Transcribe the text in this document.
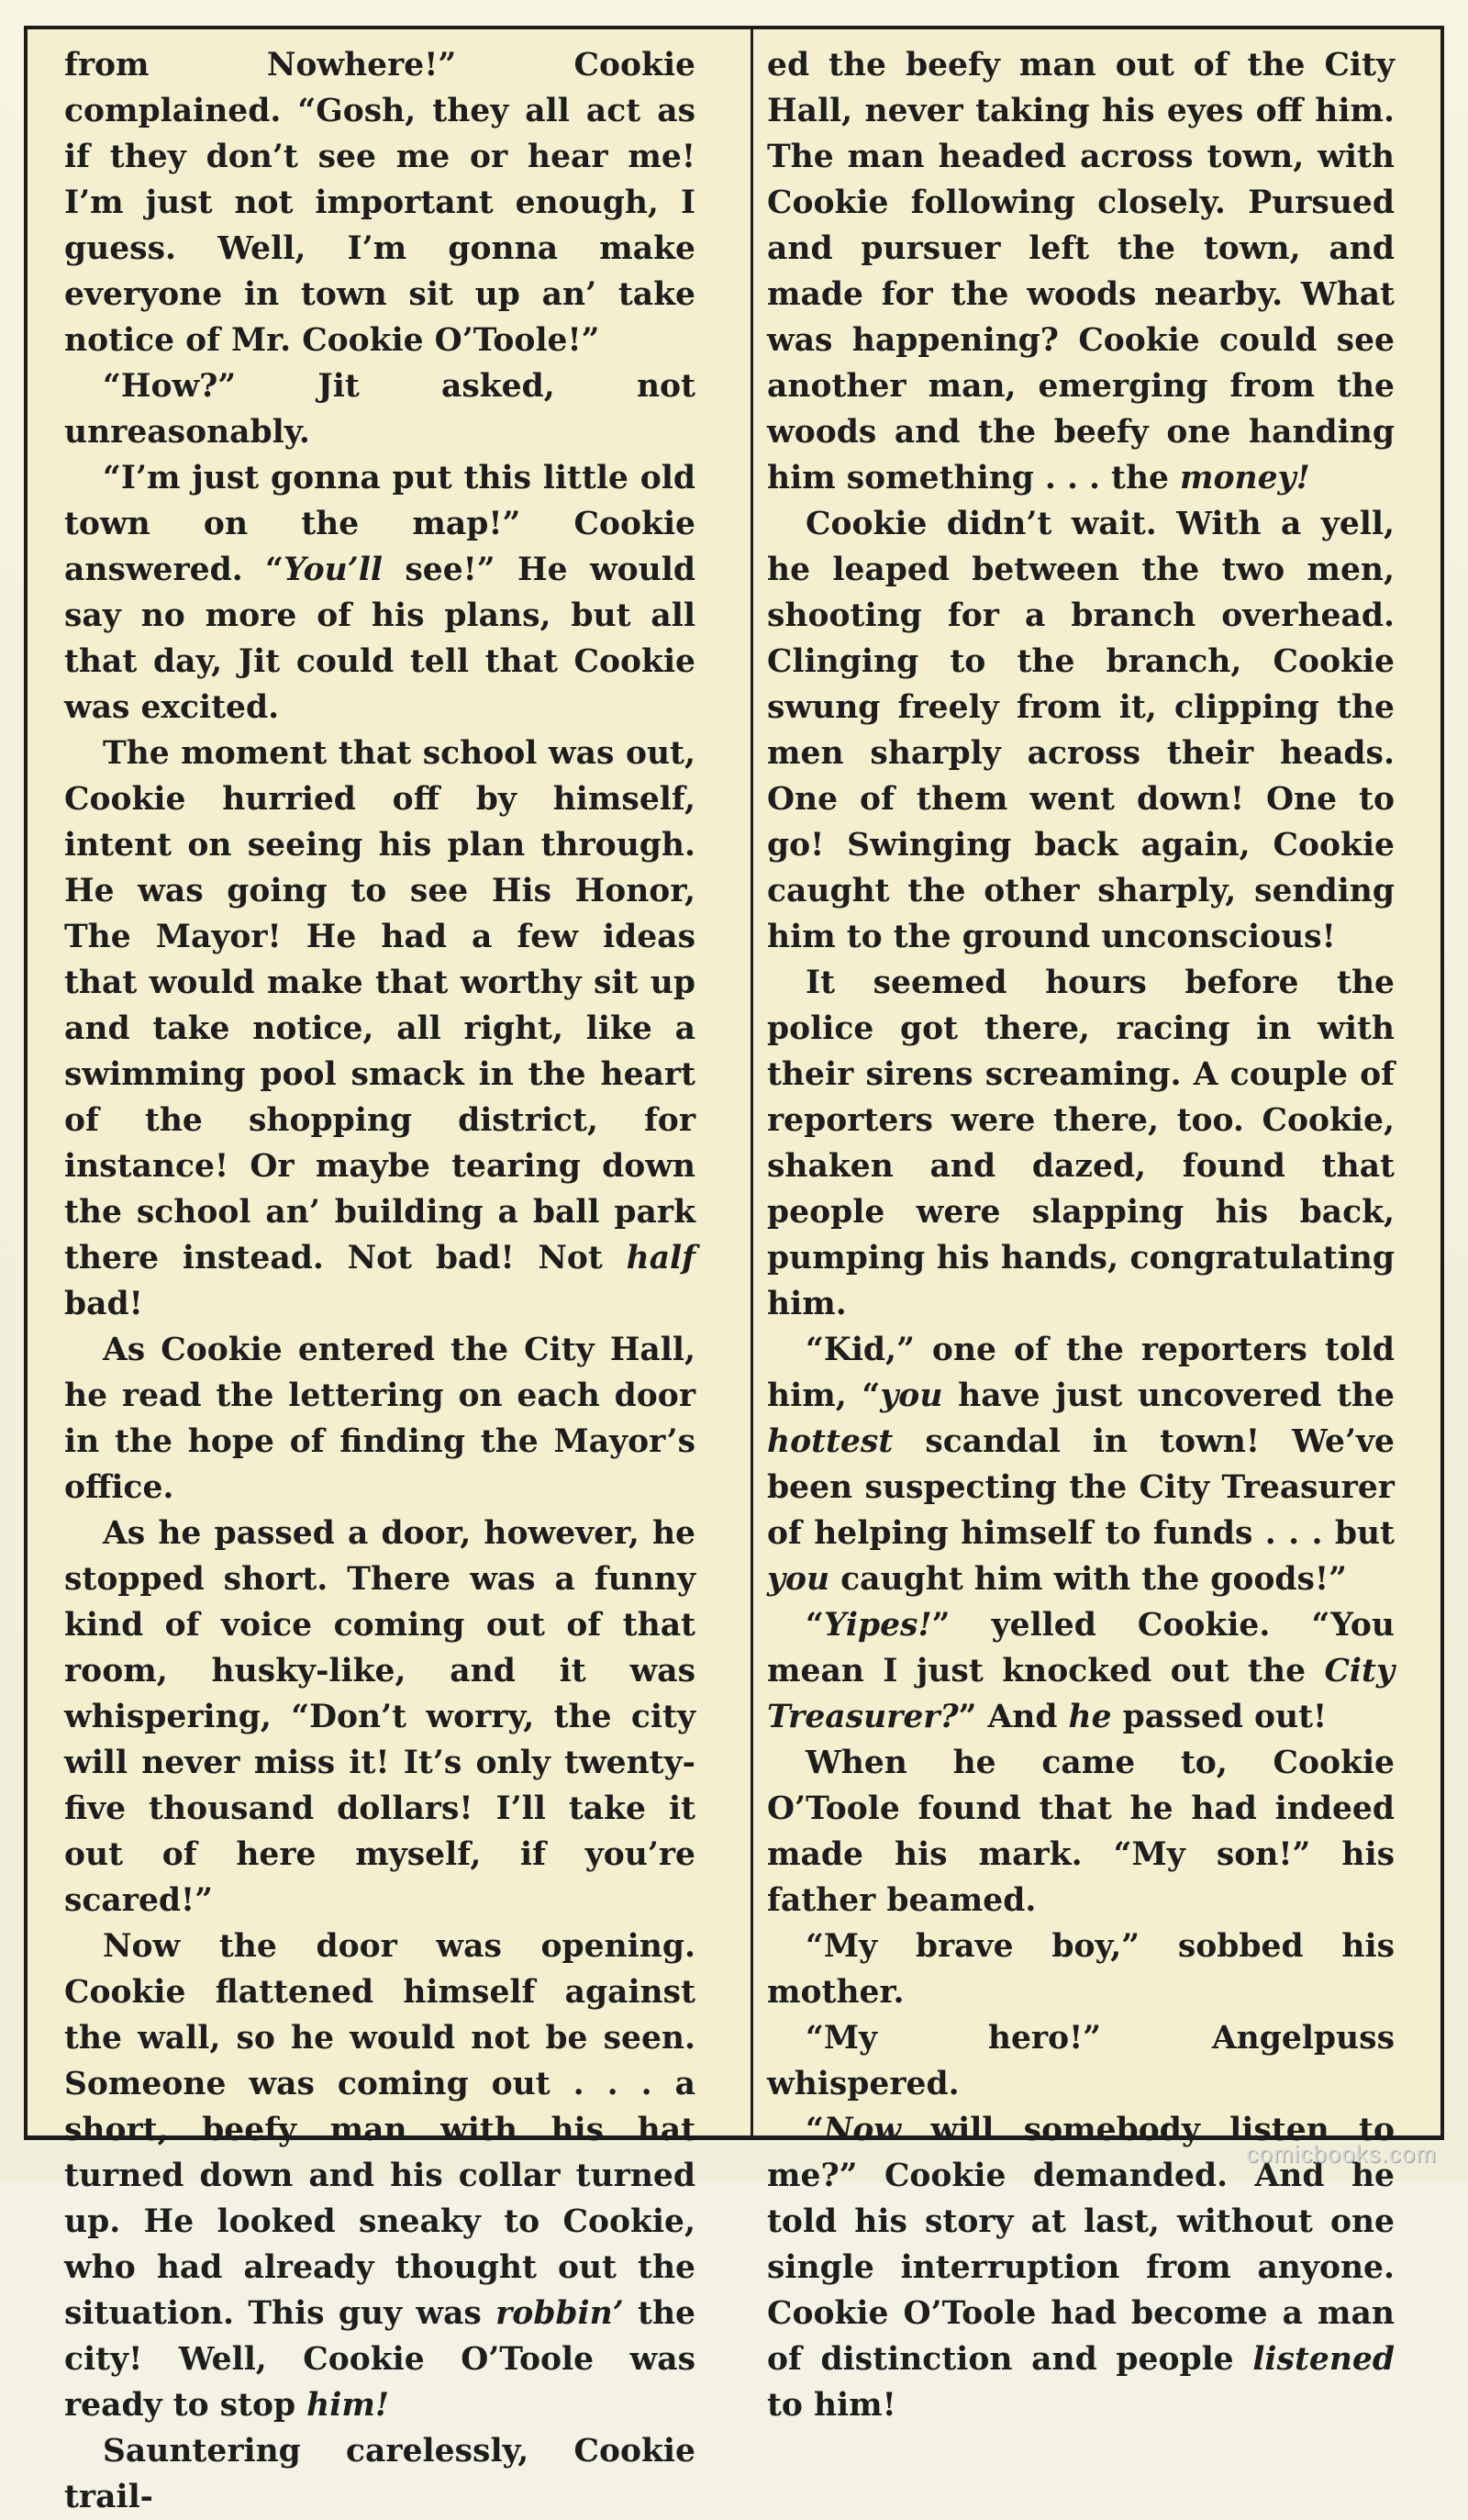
from Nowhere!” Cookie complained. “Gosh, they all act as if they don’t see me or hear me! I’m just not important enough, I guess. Well, I’m gonna make everyone in town sit up an’ take notice of Mr. Cookie O’Toole!”

“How?” Jit asked, not unreasonably.

“I’m just gonna put this little old town on the map!” Cookie answered. “You’ll see!” He would say no more of his plans, but all that day, Jit could tell that Cookie was excited.

The moment that school was out, Cookie hurried off by himself, intent on seeing his plan through. He was going to see His Honor, The Mayor! He had a few ideas that would make that worthy sit up and take notice, all right, like a swimming pool smack in the heart of the shopping district, for instance! Or maybe tearing down the school an’ building a ball park there instead. Not bad! Not half bad!

As Cookie entered the City Hall, he read the lettering on each door in the hope of finding the Mayor’s office.

As he passed a door, however, he stopped short. There was a funny kind of voice coming out of that room, husky-like, and it was whispering, “Don’t worry, the city will never miss it! It’s only twenty-five thousand dollars! I’ll take it out of here myself, if you’re scared!”

Now the door was opening. Cookie flattened himself against the wall, so he would not be seen. Someone was coming out . . . a short, beefy man with his hat turned down and his collar turned up. He looked sneaky to Cookie, who had already thought out the situation. This guy was robbin’ the city! Well, Cookie O’Toole was ready to stop him!

Sauntering carelessly, Cookie trail-

ed the beefy man out of the City Hall, never taking his eyes off him. The man headed across town, with Cookie following closely. Pursued and pursuer left the town, and made for the woods nearby. What was happening? Cookie could see another man, emerging from the woods and the beefy one handing him something . . . the money!

Cookie didn’t wait. With a yell, he leaped between the two men, shooting for a branch overhead. Clinging to the branch, Cookie swung freely from it, clipping the men sharply across their heads. One of them went down! One to go! Swinging back again, Cookie caught the other sharply, sending him to the ground unconscious!

It seemed hours before the police got there, racing in with their sirens screaming. A couple of reporters were there, too. Cookie, shaken and dazed, found that people were slapping his back, pumping his hands, congratulating him.

“Kid,” one of the reporters told him, “you have just uncovered the hottest scandal in town! We’ve been suspecting the City Treasurer of helping himself to funds . . . but you caught him with the goods!”

“Yipes!” yelled Cookie. “You mean I just knocked out the City Treasurer?” And he passed out!

When he came to, Cookie O’Toole found that he had indeed made his mark. “My son!” his father beamed.

“My brave boy,” sobbed his mother.

“My hero!” Angelpuss whispered.

“Now will somebody listen to me?” Cookie demanded. And he told his story at last, without one single interruption from anyone. Cookie O’Toole had become a man of distinction and people listened to him!

comicbooks.com
